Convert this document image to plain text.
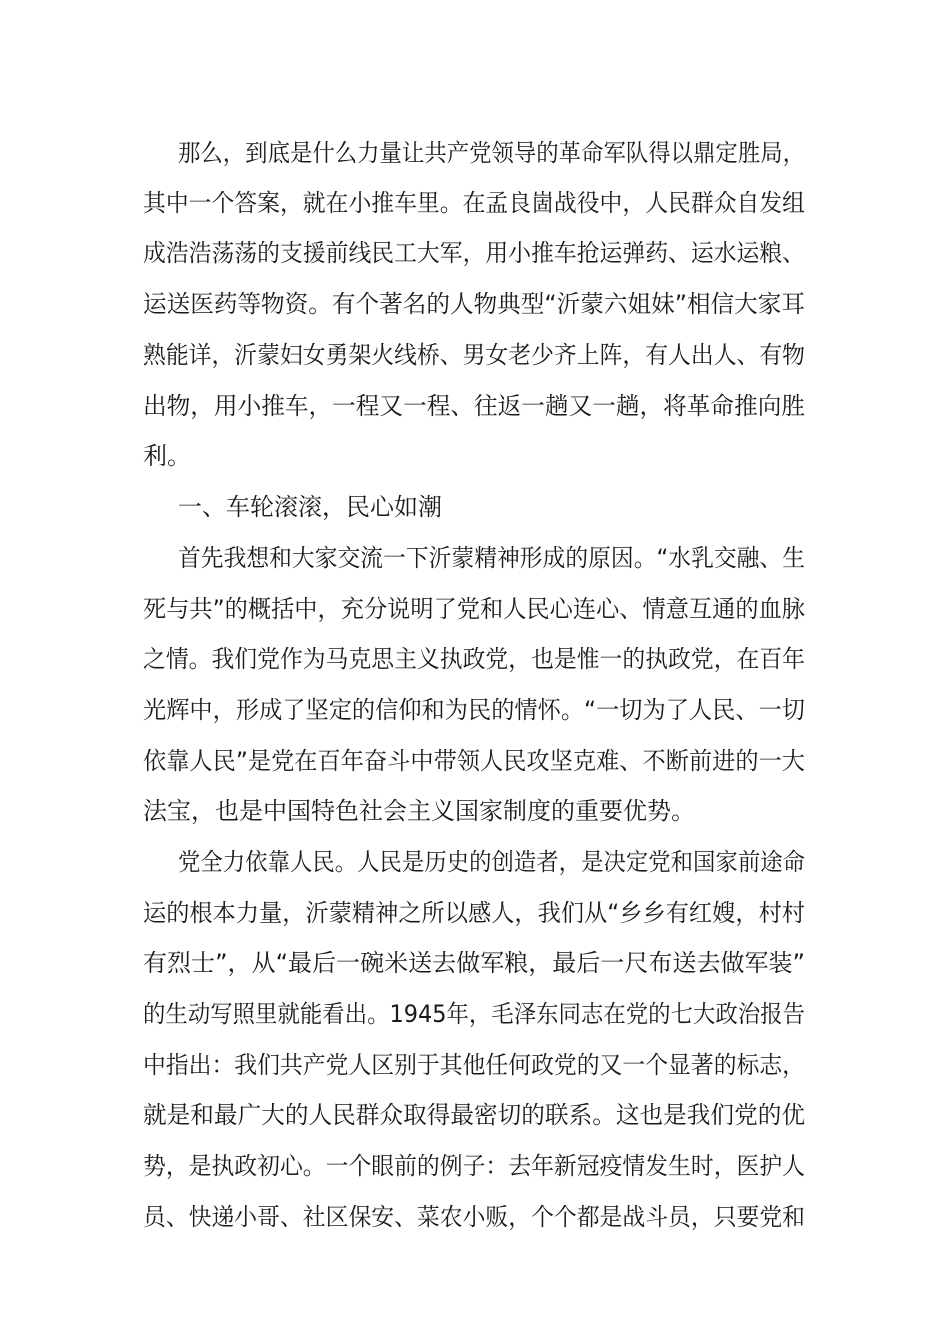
那么，到底是什么力量让共产党领导的革命军队得以鼎定胜局，
其中一个答案，就在小推车里。在孟良崮战役中，人民群众自发组
成浩浩荡荡的支援前线民工大军，用小推车抢运弹药、运水运粮、
运送医药等物资。有个著名的人物典型“沂蒙六姐妹”相信大家耳
熟能详，沂蒙妇女勇架火线桥、男女老少齐上阵，有人出人、有物
出物，用小推车，一程又一程、往返一趟又一趟，将革命推向胜
利。
一、车轮滚滚，民心如潮
首先我想和大家交流一下沂蒙精神形成的原因。“水乳交融、生
死与共”的概括中，充分说明了党和人民心连心、情意互通的血脉
之情。我们党作为马克思主义执政党，也是惟一的执政党，在百年
光辉中，形成了坚定的信仰和为民的情怀。“一切为了人民、一切
依靠人民”是党在百年奋斗中带领人民攻坚克难、不断前进的一大
法宝，也是中国特色社会主义国家制度的重要优势。
党全力依靠人民。人民是历史的创造者，是决定党和国家前途命
运的根本力量，沂蒙精神之所以感人，我们从“乡乡有红嫂，村村
有烈士”，从“最后一碗米送去做军粮，最后一尺布送去做军装”
的生动写照里就能看出。1945年，毛泽东同志在党的七大政治报告
中指出：我们共产党人区别于其他任何政党的又一个显著的标志，
就是和最广大的人民群众取得最密切的联系。这也是我们党的优
势，是执政初心。一个眼前的例子：去年新冠疫情发生时，医护人
员、快递小哥、社区保安、菜农小贩，个个都是战斗员，只要党和
